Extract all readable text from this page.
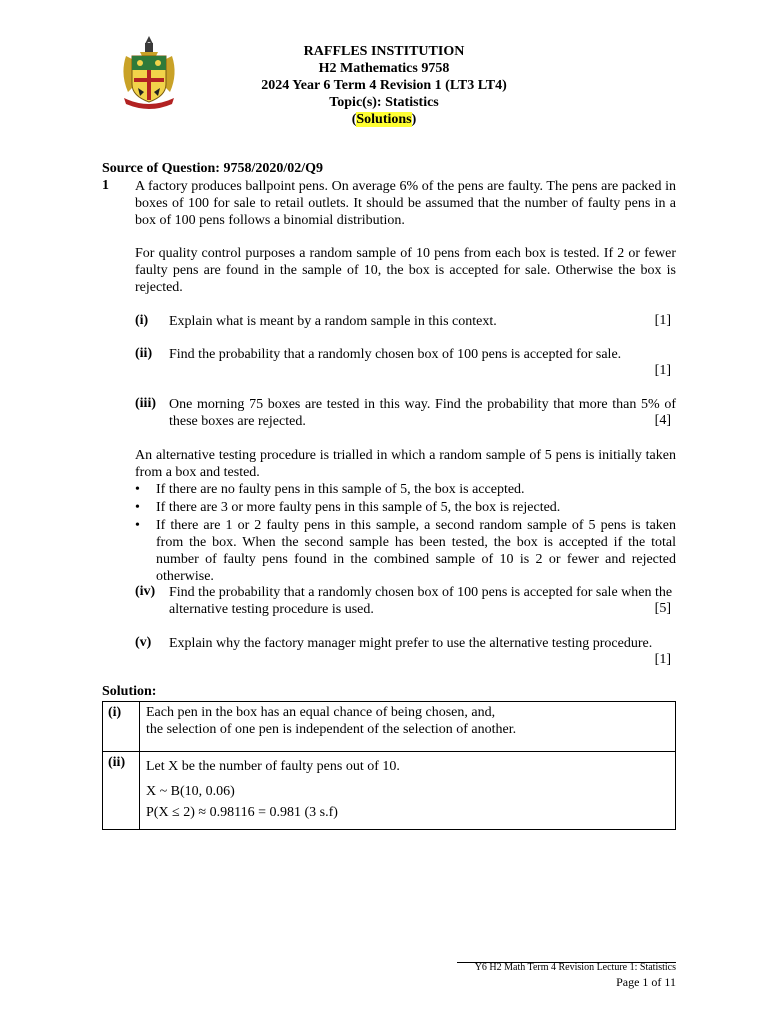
RAFFLES INSTITUTION
H2 Mathematics 9758
2024 Year 6 Term 4 Revision 1 (LT3 LT4)
Topic(s): Statistics
(Solutions)
Source of Question: 9758/2020/02/Q9
1 A factory produces ballpoint pens. On average 6% of the pens are faulty. The pens are packed in boxes of 100 for sale to retail outlets. It should be assumed that the number of faulty pens in a box of 100 pens follows a binomial distribution.
For quality control purposes a random sample of 10 pens from each box is tested. If 2 or fewer faulty pens are found in the sample of 10, the box is accepted for sale. Otherwise the box is rejected.
(i) Explain what is meant by a random sample in this context.	[1]
(ii) Find the probability that a randomly chosen box of 100 pens is accepted for sale.
[1]
(iii) One morning 75 boxes are tested in this way. Find the probability that more than 5% of these boxes are rejected.	[4]
An alternative testing procedure is trialled in which a random sample of 5 pens is initially taken from a box and tested.
• If there are no faulty pens in this sample of 5, the box is accepted.
• If there are 3 or more faulty pens in this sample of 5, the box is rejected.
• If there are 1 or 2 faulty pens in this sample, a second random sample of 5 pens is taken from the box. When the second sample has been tested, the box is accepted if the total number of faulty pens found in the combined sample of 10 is 2 or fewer and rejected otherwise.
(iv) Find the probability that a randomly chosen box of 100 pens is accepted for sale when the alternative testing procedure is used.	[5]
(v) Explain why the factory manager might prefer to use the alternative testing procedure.
[1]
Solution:
(i)	Each pen in the box has an equal chance of being chosen, and,
the selection of one pen is independent of the selection of another.

(ii)	Let X be the number of faulty pens out of 10.
X ~ B(10, 0.06)
P(X ≤ 2) ≈ 0.98116 = 0.981 (3 s.f)
Y6 H2 Math Term 4 Revision Lecture 1: Statistics
Page 1 of 11
